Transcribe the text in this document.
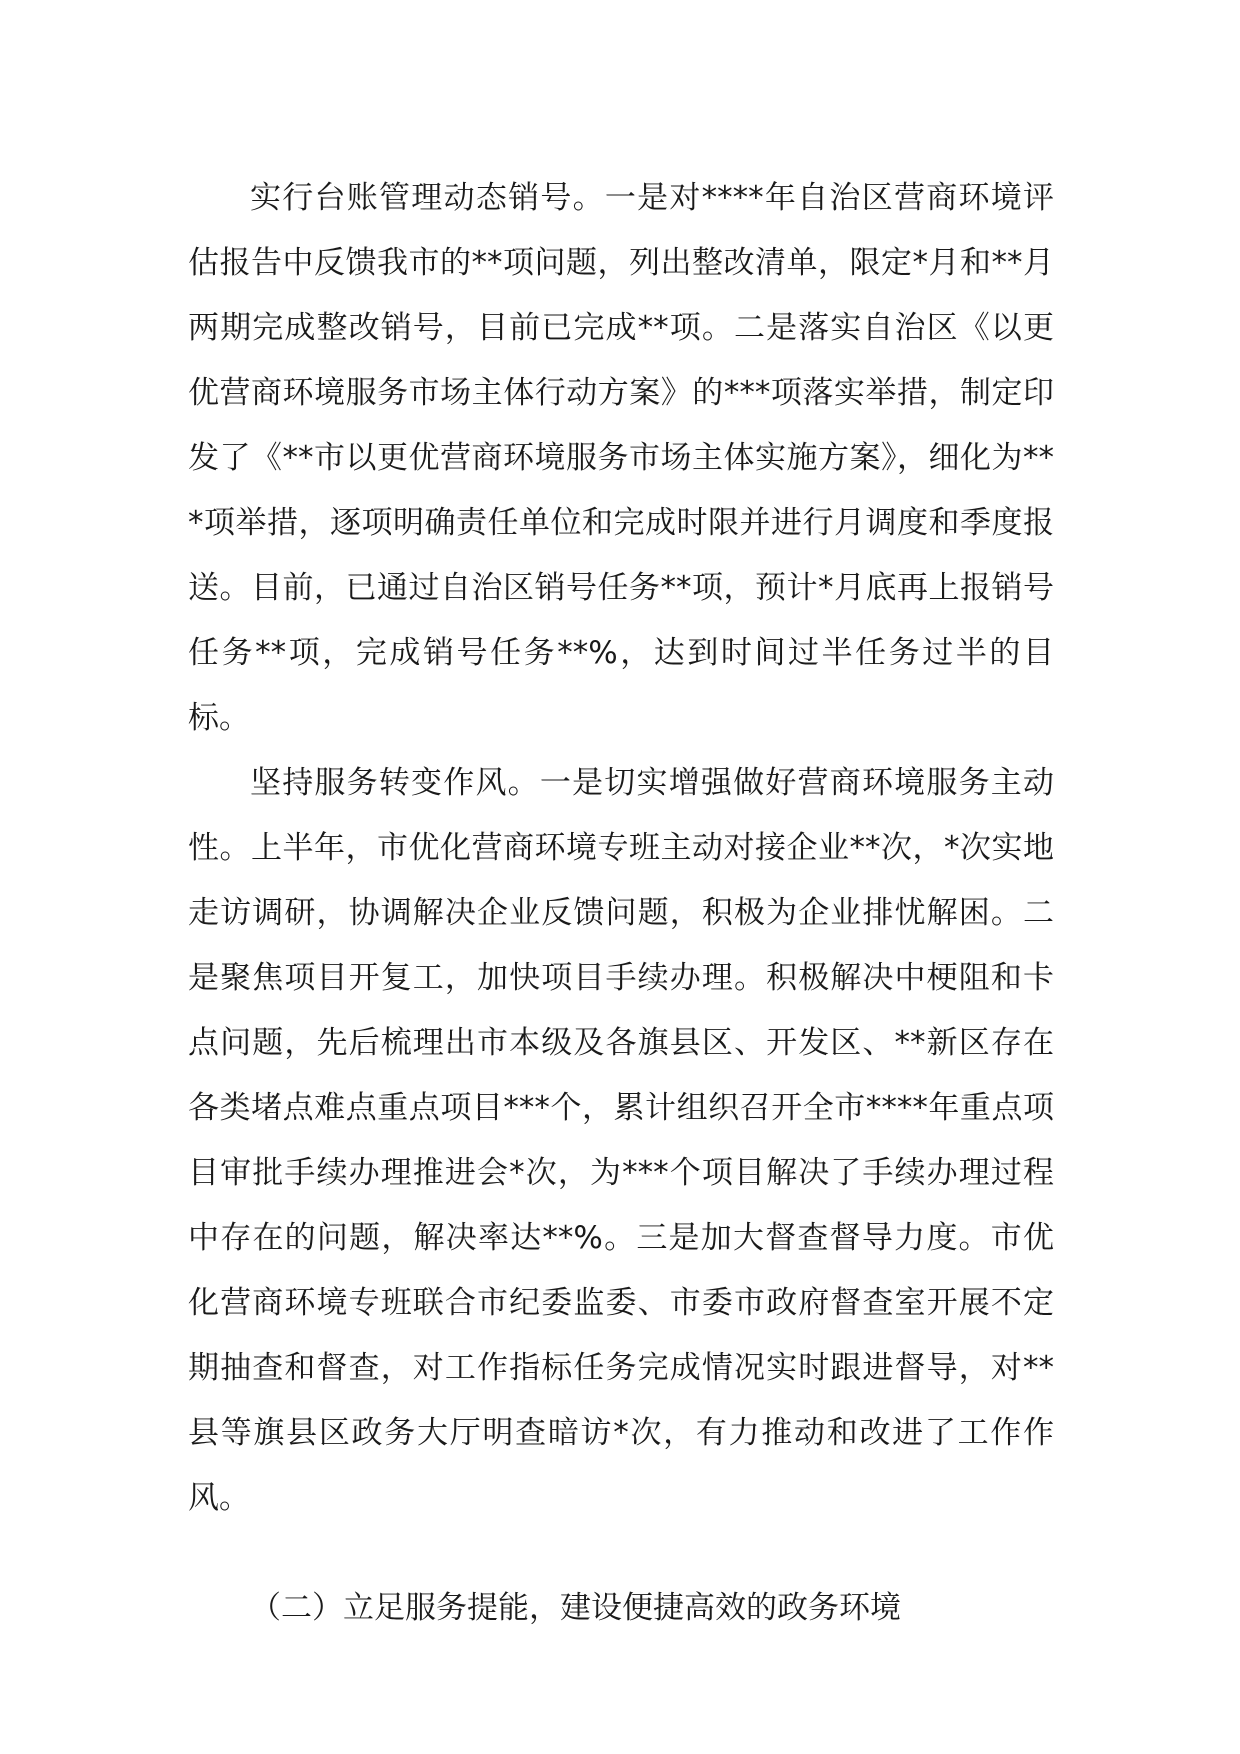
实行台账管理动态销号。一是对****年自治区营商环境评估报告中反馈我市的**项问题，列出整改清单，限定*月和**月两期完成整改销号，目前已完成**项。二是落实自治区《以更优营商环境服务市场主体行动方案》的***项落实举措，制定印发了《**市以更优营商环境服务市场主体实施方案》，细化为***项举措，逐项明确责任单位和完成时限并进行月调度和季度报送。目前，已通过自治区销号任务**项，预计*月底再上报销号任务**项，完成销号任务**%，达到时间过半任务过半的目标。

坚持服务转变作风。一是切实增强做好营商环境服务主动性。上半年，市优化营商环境专班主动对接企业**次，*次实地走访调研，协调解决企业反馈问题，积极为企业排忧解困。二是聚焦项目开复工，加快项目手续办理。积极解决中梗阻和卡点问题，先后梳理出市本级及各旗县区、开发区、**新区存在各类堵点难点重点项目***个，累计组织召开全市****年重点项目审批手续办理推进会*次，为***个项目解决了手续办理过程中存在的问题，解决率达**%。三是加大督查督导力度。市优化营商环境专班联合市纪委监委、市委市政府督查室开展不定期抽查和督查，对工作指标任务完成情况实时跟进督导，对**县等旗县区政务大厅明查暗访*次，有力推动和改进了工作作风。

（二）立足服务提能，建设便捷高效的政务环境
